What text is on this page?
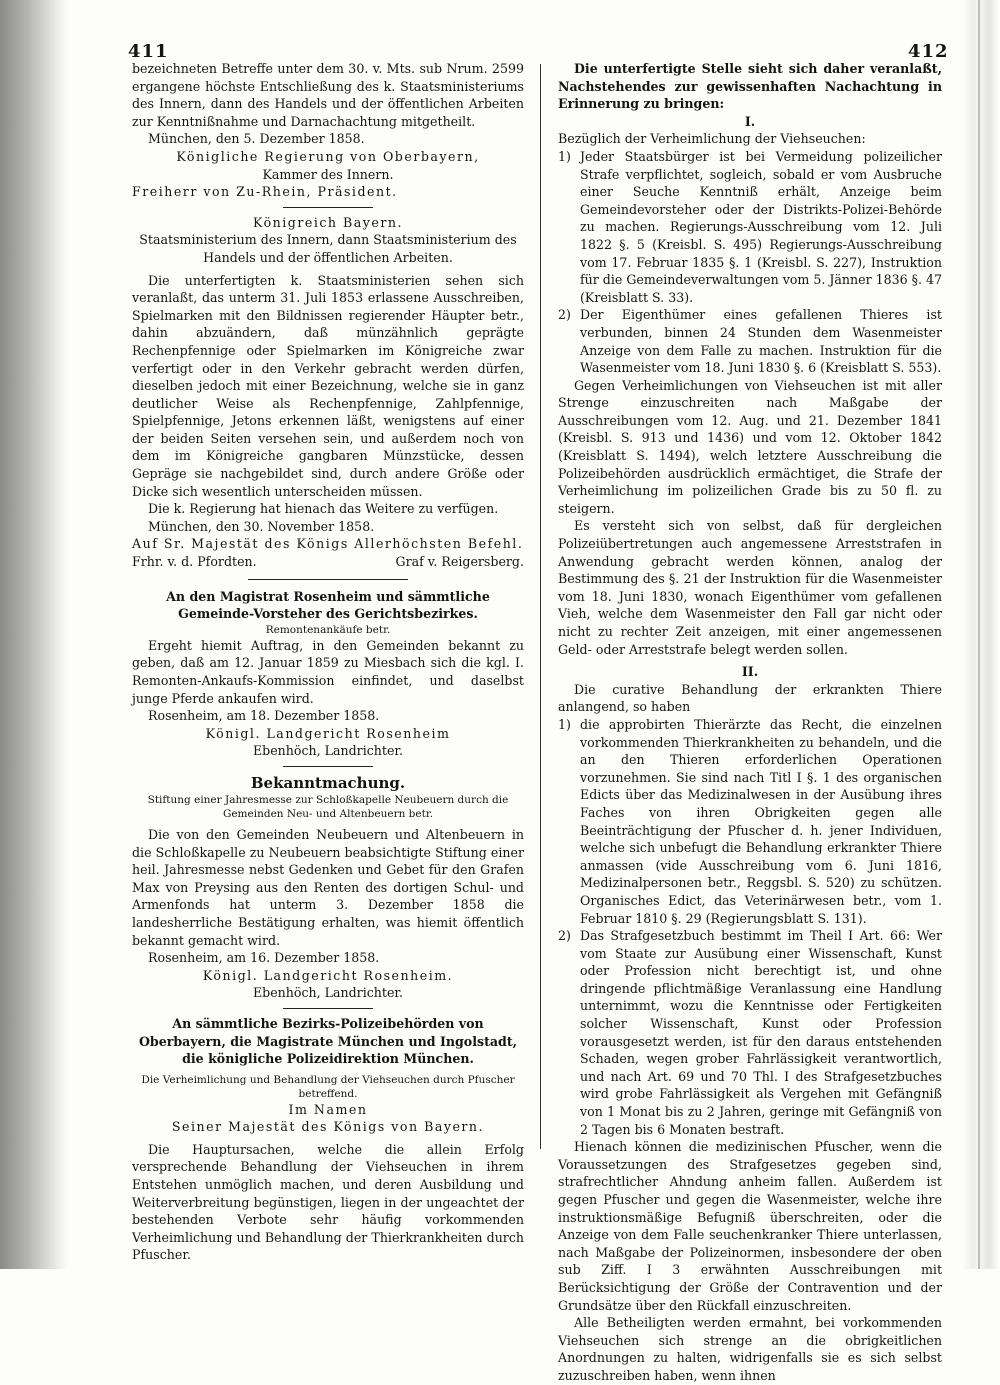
411	412

bezeichneten Betreffe unter dem 30. v. Mts. sub Nrum. 2599 ergangene höchste Entschließung des k. Staatsministeriums des Innern, dann des Handels und der öffentlichen Arbeiten zur Kenntnißnahme und Darnachachtung mitgetheilt.

München, den 5. Dezember 1858.

Königliche Regierung von Oberbayern,

Kammer des Innern.

Freiherr von Zu-Rhein, Präsident.

Königreich Bayern.

Staatsministerium des Innern, dann Staatsministerium des Handels und der öffentlichen Arbeiten.

Die unterfertigten k. Staatsministerien sehen sich veranlaßt, das unterm 31. Juli 1853 erlassene Ausschreiben, Spielmarken mit den Bildnissen regierender Häupter betr., dahin abzuändern, daß münzähnlich geprägte Rechenpfennige oder Spielmarken im Königreiche zwar verfertigt oder in den Verkehr gebracht werden dürfen, dieselben jedoch mit einer Bezeichnung, welche sie in ganz deutlicher Weise als Rechenpfennige, Zahlpfennige, Spielpfennige, Jetons erkennen läßt, wenigstens auf einer der beiden Seiten versehen sein, und außerdem noch von dem im Königreiche gangbaren Münzstücke, dessen Gepräge sie nachgebildet sind, durch andere Größe oder Dicke sich wesentlich unterscheiden müssen.

Die k. Regierung hat hienach das Weitere zu verfügen.

München, den 30. November 1858.

Auf Sr. Majestät des Königs Allerhöchsten Befehl.

Frhr. v. d. Pfordten.	Graf v. Reigersberg.

An den Magistrat Rosenheim und sämmtliche Gemeinde-Vorsteher des Gerichtsbezirkes.

Remontenankäufe betr.

Ergeht hiemit Auftrag, in den Gemeinden bekannt zu geben, daß am 12. Januar 1859 zu Miesbach sich die kgl. I. Remonten-Ankaufs-Kommission einfindet, und daselbst junge Pferde ankaufen wird.

Rosenheim, am 18. Dezember 1858.

Königl. Landgericht Rosenheim

Ebenhöch, Landrichter.

Bekanntmachung.

Stiftung einer Jahresmesse zur Schloßkapelle Neubeuern durch die Gemeinden Neu- und Altenbeuern betr.

Die von den Gemeinden Neubeuern und Altenbeuern in die Schloßkapelle zu Neubeuern beabsichtigte Stiftung einer heil. Jahresmesse nebst Gedenken und Gebet für den Grafen Max von Preysing aus den Renten des dortigen Schul- und Armenfonds hat unterm 3. Dezember 1858 die landesherrliche Bestätigung erhalten, was hiemit öffentlich bekannt gemacht wird.

Rosenheim, am 16. Dezember 1858.

Königl. Landgericht Rosenheim.

Ebenhöch, Landrichter.

An sämmtliche Bezirks-Polizeibehörden von Oberbayern, die Magistrate München und Ingolstadt, die königliche Polizeidirektion München.

Die Verheimlichung und Behandlung der Viehseuchen durch Pfuscher betreffend.

Im Namen

Seiner Majestät des Königs von Bayern.

Die Hauptursachen, welche die allein Erfolg versprechende Behandlung der Viehseuchen in ihrem Entstehen unmöglich machen, und deren Ausbildung und Weiterverbreitung begünstigen, liegen in der ungeachtet der bestehenden Verbote sehr häufig vorkommenden Verheimlichung und Behandlung der Thierkrankheiten durch Pfuscher.

Die unterfertigte Stelle sieht sich daher veranlaßt, Nachstehendes zur gewissenhaften Nachachtung in Erinnerung zu bringen:

I.

Bezüglich der Verheimlichung der Viehseuchen:

1) Jeder Staatsbürger ist bei Vermeidung polizeilicher Strafe verpflichtet, sogleich, sobald er vom Ausbruche einer Seuche Kenntniß erhält, Anzeige beim Gemeindevorsteher oder der Distrikts-Polizei-Behörde zu machen. Regierungs-Ausschreibung vom 12. Juli 1822 §. 5 (Kreisbl. S. 495) Regierungs-Ausschreibung vom 17. Februar 1835 §. 1 (Kreisbl. S. 227), Instruktion für die Gemeindeverwaltungen vom 5. Jänner 1836 §. 47 (Kreisblatt S. 33).
2) Der Eigenthümer eines gefallenen Thieres ist verbunden, binnen 24 Stunden dem Wasenmeister Anzeige von dem Falle zu machen. Instruktion für die Wasenmeister vom 18. Juni 1830 §. 6 (Kreisblatt S. 553).

Gegen Verheimlichungen von Viehseuchen ist mit aller Strenge einzuschreiten nach Maßgabe der Ausschreibungen vom 12. Aug. und 21. Dezember 1841 (Kreisbl. S. 913 und 1436) und vom 12. Oktober 1842 (Kreisblatt S. 1494), welch letztere Ausschreibung die Polizeibehörden ausdrücklich ermächtiget, die Strafe der Verheimlichung im polizeilichen Grade bis zu 50 fl. zu steigern.

Es versteht sich von selbst, daß für dergleichen Polizeiübertretungen auch angemessene Arreststrafen in Anwendung gebracht werden können, analog der Bestimmung des §. 21 der Instruktion für die Wasenmeister vom 18. Juni 1830, wonach Eigenthümer vom gefallenen Vieh, welche dem Wasenmeister den Fall gar nicht oder nicht zu rechter Zeit anzeigen, mit einer angemessenen Geld- oder Arreststrafe belegt werden sollen.

II.

Die curative Behandlung der erkrankten Thiere anlangend, so haben

1) die approbirten Thierärzte das Recht, die einzelnen vorkommenden Thierkrankheiten zu behandeln, und die an den Thieren erforderlichen Operationen vorzunehmen. Sie sind nach Titl I §. 1 des organischen Edicts über das Medizinalwesen in der Ausübung ihres Faches von ihren Obrigkeiten gegen alle Beeinträchtigung der Pfuscher d. h. jener Individuen, welche sich unbefugt die Behandlung erkrankter Thiere anmassen (vide Ausschreibung vom 6. Juni 1816, Medizinalpersonen betr., Reggsbl. S. 520) zu schützen. Organisches Edict, das Veterinärwesen betr., vom 1. Februar 1810 §. 29 (Regierungsblatt S. 131).
2) Das Strafgesetzbuch bestimmt im Theil I Art. 66: Wer vom Staate zur Ausübung einer Wissenschaft, Kunst oder Profession nicht berechtigt ist, und ohne dringende pflichtmäßige Veranlassung eine Handlung unternimmt, wozu die Kenntnisse oder Fertigkeiten solcher Wissenschaft, Kunst oder Profession vorausgesetzt werden, ist für den daraus entstehenden Schaden, wegen grober Fahrlässigkeit verantwortlich, und nach Art. 69 und 70 Thl. I des Strafgesetzbuches wird grobe Fahrlässigkeit als Vergehen mit Gefängniß von 1 Monat bis zu 2 Jahren, geringe mit Gefängniß von 2 Tagen bis 6 Monaten bestraft.

Hienach können die medizinischen Pfuscher, wenn die Voraussetzungen des Strafgesetzes gegeben sind, strafrechtlicher Ahndung anheim fallen. Außerdem ist gegen Pfuscher und gegen die Wasenmeister, welche ihre instruktionsmäßige Befugniß überschreiten, oder die Anzeige von dem Falle seuchenkranker Thiere unterlassen, nach Maßgabe der Polizeinormen, insbesondere der oben sub Ziff. I 3 erwähnten Ausschreibungen mit Berücksichtigung der Größe der Contravention und der Grundsätze über den Rückfall einzuschreiten.

Alle Betheiligten werden ermahnt, bei vorkommenden Viehseuchen sich strenge an die obrigkeitlichen Anordnungen zu halten, widrigenfalls sie es sich selbst zuzuschreiben haben, wenn ihnen
